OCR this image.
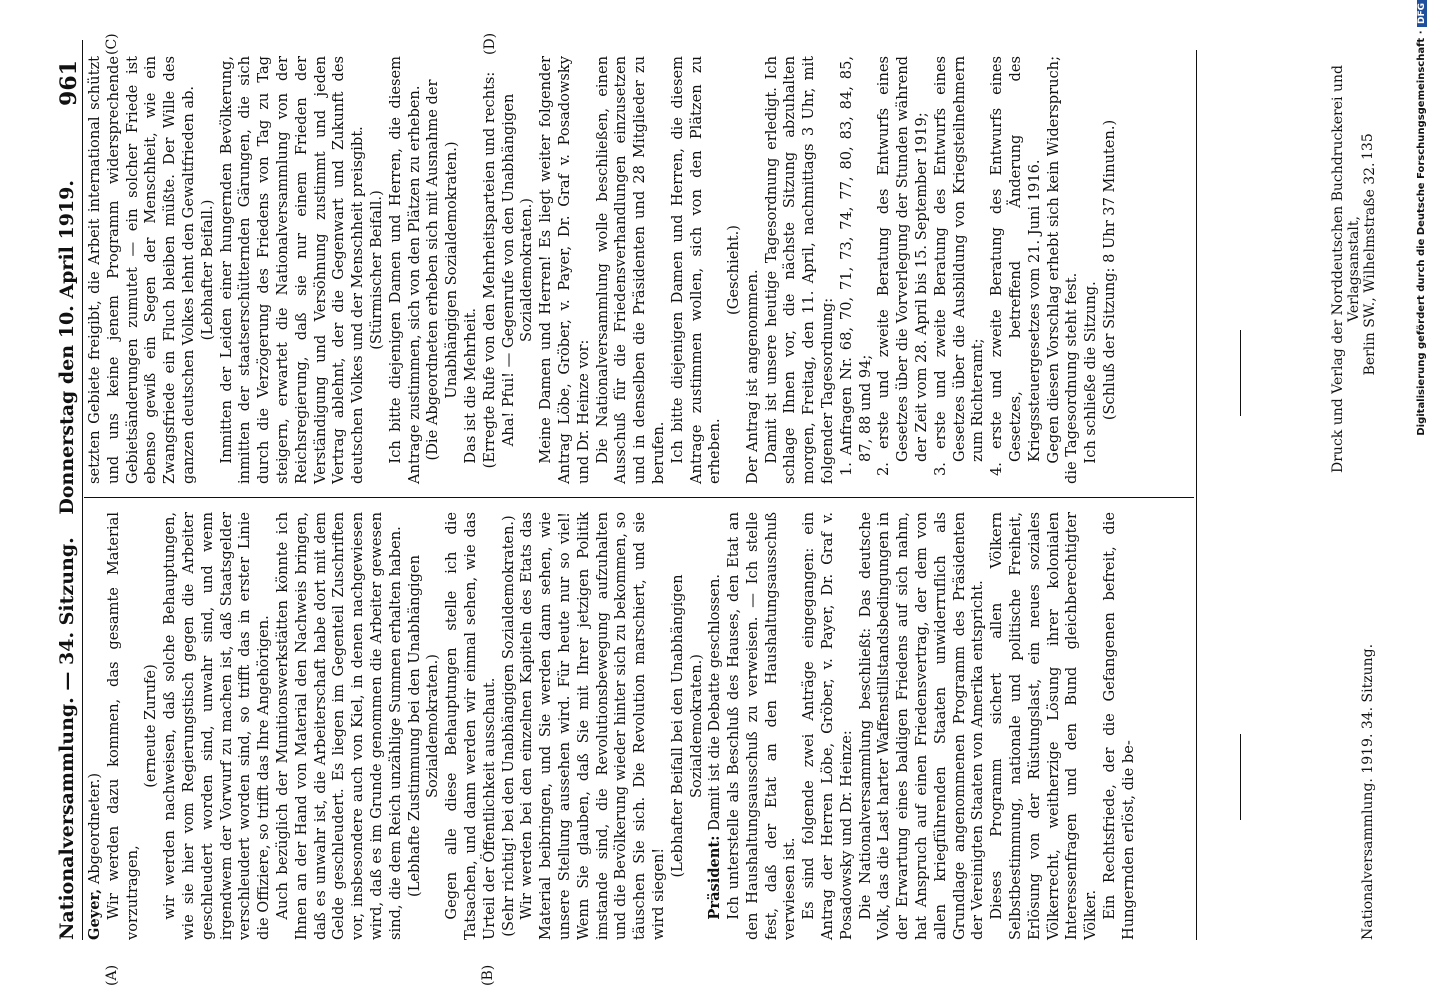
Nationalversammlung. — 34. Sitzung.
Donnerstag den 10. April 1919.
961
(A)	(B)
(C)	(D)

Geyer, Abgeordneter.) Wir werden dazu kommen, das gesamte Material vorzutragen,

(erneute Zurufe) wir werden nachweisen, daß solche Behauptungen, wie sie hier vom Regierungstisch gegen die Arbeiter geschleudert worden sind, unwahr sind, und wenn irgendwem der Vorwurf zu machen ist, daß Staatsgelder verschleudert worden sind, so trifft das in erster Linie die Offiziere, so trifft das Ihre Angehörigen. Auch bezüglich der Munitionswerkstätten könnte ich Ihnen an der Hand von Material den Nachweis bringen, daß es unwahr ist, die Arbeiterschaft habe dort mit dem Gelde geschleudert. Es liegen im Gegenteil Zuschriften vor, insbesondere auch von Kiel, in denen nachgewiesen wird, daß es im Grunde genommen die Arbeiter gewesen sind, die dem Reich unzählige Summen erhalten haben. (Lebhafte Zustimmung bei den Unabhängigen Sozialdemokraten.) Gegen alle diese Behauptungen stelle ich die Tatsachen, und dann werden wir einmal sehen, wie das Urteil der Öffentlichkeit ausschaut. (Sehr richtig! bei den Unabhängigen Sozialdemokraten.) Wir werden bei den einzelnen Kapiteln des Etats das Material beibringen, und Sie werden dann sehen, wie unsere Stellung aussehen wird. Für heute nur so viel! Wenn Sie glauben, daß Sie mit Ihrer jetzigen Politik imstande sind, die Revolutionsbewegung aufzuhalten und die Bevölkerung wieder hinter sich zu bekommen, so täuschen Sie sich. Die Revolution marschiert, und sie wird siegen!

(Lebhafter Beifall bei den Unabhängigen Sozialdemokraten.)

Präsident: Damit ist die Debatte geschlossen. Ich unterstelle als Beschluß des Hauses, den Etat an den Haushaltungsausschuß zu verweisen. — Ich stelle fest, daß der Etat an den Haushaltungsausschuß verwiesen ist. Es sind folgende zwei Anträge eingegangen: ein Antrag der Herren Löbe, Gröber, v. Payer, Dr. Graf v. Posadowsky und Dr. Heinze: Die Nationalversammlung beschließt: Das deutsche Volk, das die Last harter Waffenstillstandsbedingungen in der Erwartung eines baldigen Friedens auf sich nahm, hat Anspruch auf einen Friedensvertrag, der dem von allen kriegführenden Staaten unwiderruflich als Grundlage angenommenen Programm des Präsidenten der Vereinigten Staaten von Amerika entspricht. Dieses Programm sichert allen Völkern Selbstbestimmung, nationale und politische Freiheit, Erlösung von der Rüstungslast, ein neues soziales Völkerrecht, weitherzige Lösung ihrer kolonialen Interessenfragen und den Bund gleichberechtigter Völker. Ein Rechtsfriede, der die Gefangenen befreit, die Hungernden erlöst, die be-

setzten Gebiete freigibt, die Arbeit international schützt und uns keine jenem Programm widersprechende Gebietsänderungen zumutet — ein solcher Friede ist ebenso gewiß ein Segen der Menschheit, wie ein Zwangsfriede ein Fluch bleiben müßte. Der Wille des ganzen deutschen Volkes lehnt den Gewaltfrieden ab. (Lebhafter Beifall.) Inmitten der Leiden einer hungernden Bevölkerung, inmitten der staatserschütternden Gärungen, die sich durch die Verzögerung des Friedens von Tag zu Tag steigern, erwartet die Nationalversammlung von der Reichsregierung, daß sie nur einem Frieden der Verständigung und Versöhnung zustimmt und jeden Vertrag ablehnt, der die Gegenwart und Zukunft des deutschen Volkes und der Menschheit preisgibt. (Stürmischer Beifall.) Ich bitte diejenigen Damen und Herren, die diesem Antrage zustimmen, sich von den Plätzen zu erheben. (Die Abgeordneten erheben sich mit Ausnahme der Unabhängigen Sozialdemokraten.) Das ist die Mehrheit. (Erregte Rufe von den Mehrheitsparteien und rechts: Aha! Pfui! — Gegenrufe von den Unabhängigen Sozialdemokraten.) Meine Damen und Herren! Es liegt weiter folgender Antrag Löbe, Gröber, v. Payer, Dr. Graf v. Posadowsky und Dr. Heinze vor: Die Nationalversammlung wolle beschließen, einen Ausschuß für die Friedensverhandlungen einzusetzen und in denselben die Präsidenten und 28 Mitglieder zu berufen. Ich bitte diejenigen Damen und Herren, die diesem Antrage zustimmen wollen, sich von den Plätzen zu erheben.

(Geschieht.) Der Antrag ist angenommen. Damit ist unsere heutige Tagesordnung erledigt. Ich schlage Ihnen vor, die nächste Sitzung abzuhalten morgen, Freitag, den 11. April, nachmittags 3 Uhr, mit folgender Tagesordnung: 1. Anfragen Nr. 68, 70, 71, 73, 74, 77, 80, 83, 84, 85, 87, 88 und 94; 2. erste und zweite Beratung des Entwurfs eines Gesetzes über die Vorverlegung der Stunden während der Zeit vom 28. April bis 15. September 1919; 3. erste und zweite Beratung des Entwurfs eines Gesetzes über die Ausbildung von Kriegsteilnehmern zum Richteramt; 4. erste und zweite Beratung des Entwurfs eines Gesetzes, betreffend Änderung des Kriegssteuergesetzes vom 21. Juni 1916. Gegen diesen Vorschlag erhebt sich kein Widerspruch; die Tagesordnung steht fest. Ich schließe die Sitzung. (Schluß der Sitzung: 8 Uhr 37 Minuten.)	Druck und Verlag der Norddeutschen Buchdruckerei und Verlagsanstalt, Berlin SW., Wilhelmstraße 32.
135
Nationalversammlung. 1919. 34. Sitzung.
Digitalisierung gefördert durch die Deutsche Forschungsgemeinschaft · DFG
